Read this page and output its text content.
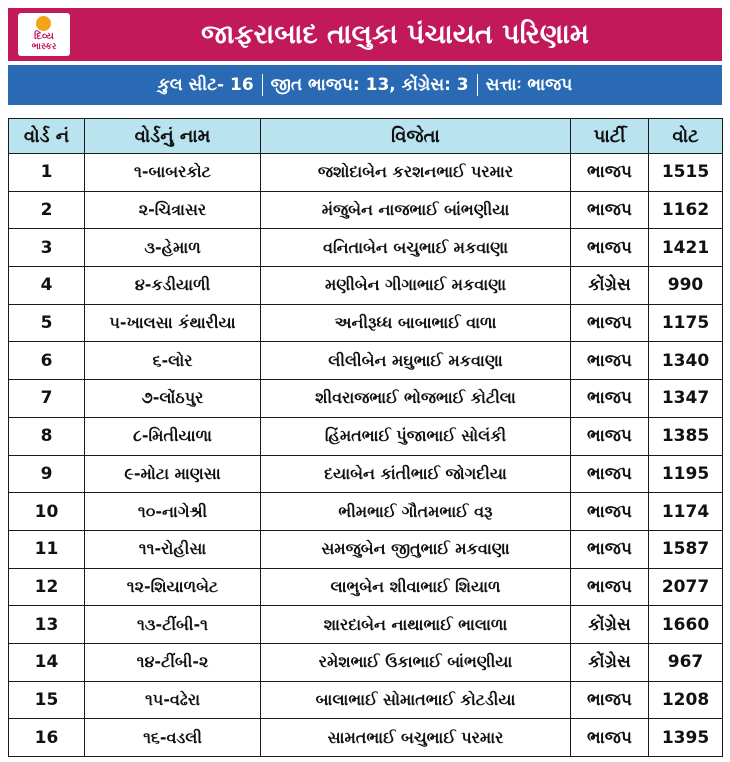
દિવ્ય
ભાસ્કર	જાફરાબાદ તાલુકા પંચાયત પરિણામ
કુલ સીટ- 16 જીત ભાજપ: 13, કોંગ્રેસ: 3 સત્તાઃ ભાજપ
વોર્ડ નં	વોર્ડનું નામ	વિજેતા	પાર્ટી	વોટ
1	૧-બાબરકોટ	જશોદાબેન કરશનભાઈ પરમાર	ભાજપ	1515
2	૨-ચિત્રાસર	મંજુબેન નાજભાઈ બાંભણીયા	ભાજપ	1162
3	૩-હેમાળ	વનિતાબેન બચુભાઈ મકવાણા	ભાજપ	1421
4	૪-કડીયાળી	મણીબેન ગીગાભાઈ મકવાણા	કોંગ્રેસ	990
5	૫-ખાલસા કંથારીયા	અનીરૂધ્ધ બાબાભાઈ વાળા	ભાજપ	1175
6	૬-લોર	લીલીબેન મઘુભાઈ મકવાણા	ભાજપ	1340
7	૭-લોંઠપુર	શીવરાજભાઈ ભોજભાઈ કોટીલા	ભાજપ	1347
8	૮-મિતીયાળા	હિંમતભાઈ પુંજાભાઈ સોલંકી	ભાજપ	1385
9	૯-મોટા માણસા	દયાબેન કાંતીભાઈ જોગદીયા	ભાજપ	1195
10	૧૦-નાગેશ્રી	ભીમભાઈ ગૌતમભાઈ વરૂ	ભાજપ	1174
11	૧૧-રોહીસા	સમજુબેન જીતુભાઈ મકવાણા	ભાજપ	1587
12	૧૨-શિયાળબેટ	લાભુબેન શીવાભાઈ શિયાળ	ભાજપ	2077
13	૧૩-ટીંબી-૧	શારદાબેન નાથાભાઈ ભાલાળા	કોંગ્રેસ	1660
14	૧૪-ટીંબી-૨	રમેશભાઈ ઉકાભાઈ બાંભણીયા	કોંગ્રેસ	967
15	૧૫-વઢેરા	બાલાભાઈ સોમાતભાઈ કોટડીયા	ભાજપ	1208
16	૧૬-વડલી	સામતભાઈ બચુભાઈ પરમાર	ભાજપ	1395
